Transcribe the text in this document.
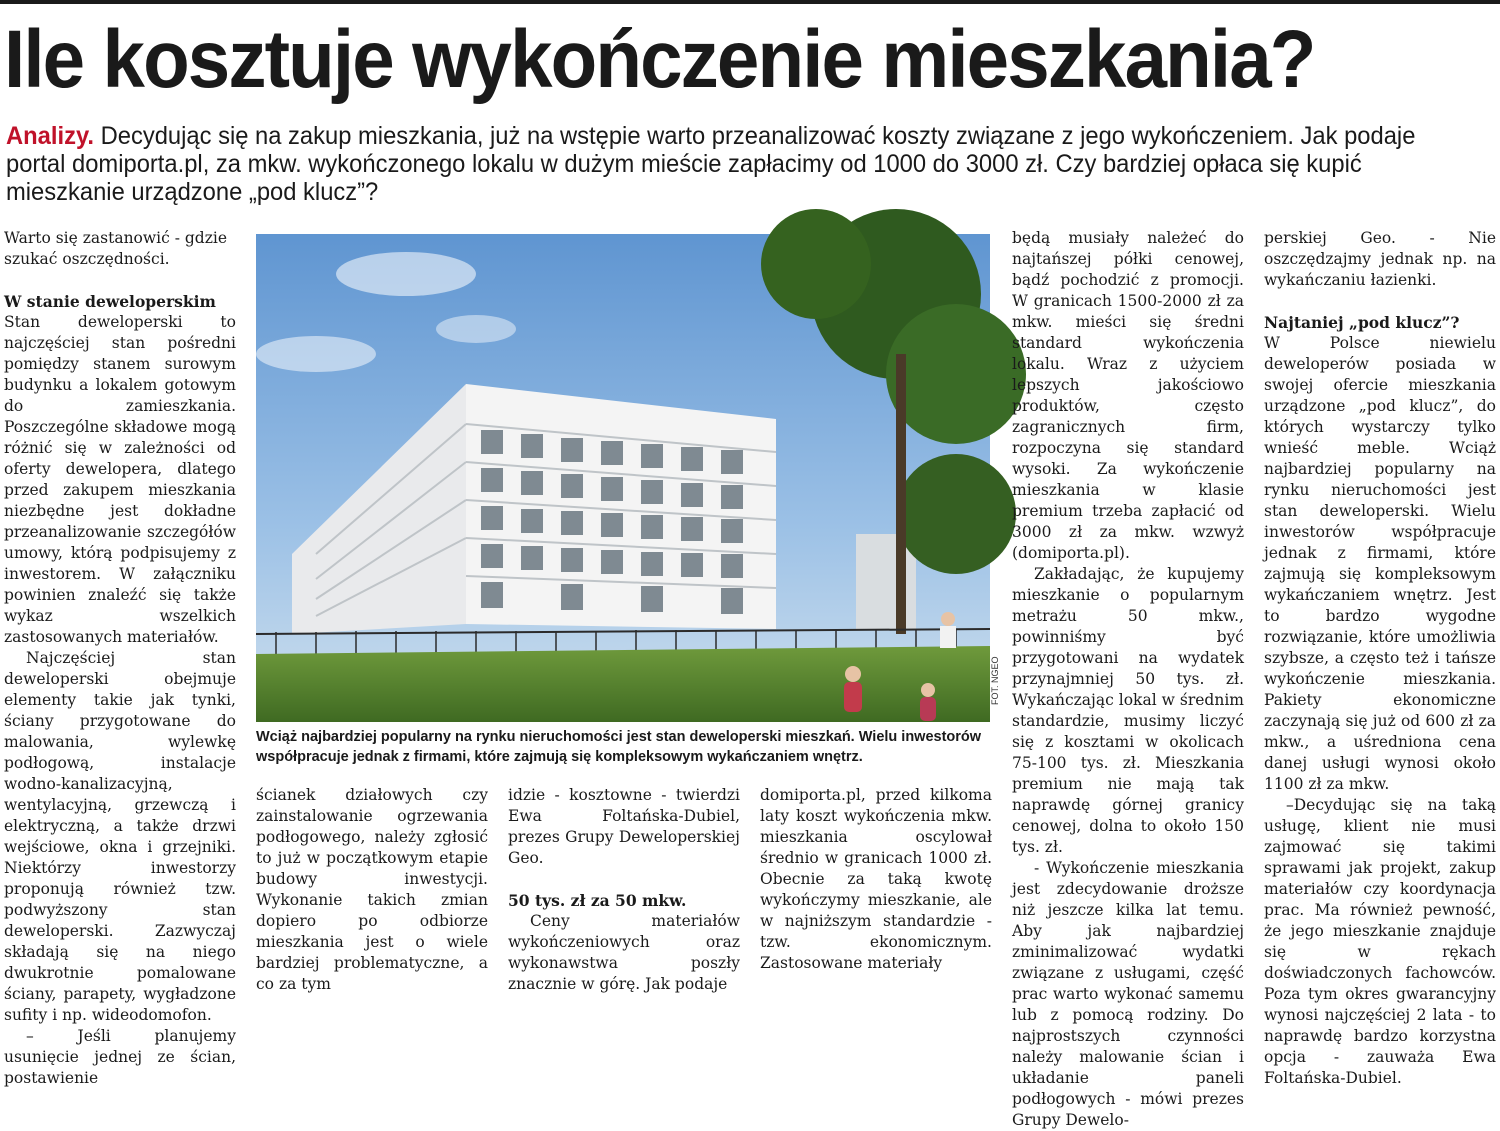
Ile kosztuje wykończenie mieszkania?

Analizy. Decydując się na zakup mieszkania, już na wstępie warto przeanalizować koszty związane z jego wykończeniem. Jak podaje portal domiporta.pl, za mkw. wykończonego lokalu w dużym mieście zapłacimy od 1000 do 3000 zł. Czy bardziej opłaca się kupić mieszkanie urządzone „pod klucz”?

Warto się zastanowić - gdzie szukać oszczędności.

W stanie deweloperskim

Stan deweloperski to najczęściej stan pośredni pomiędzy stanem surowym budynku a lokalem gotowym do zamieszkania. Poszczególne składowe mogą różnić się w zależności od oferty dewelopera, dlatego przed zakupem mieszkania niezbędne jest dokładne przeanalizowanie szczegółów umowy, którą podpisujemy z inwestorem. W załączniku powinien znaleźć się także wykaz wszelkich zastosowanych materiałów.

Najczęściej stan deweloperski obejmuje elementy takie jak tynki, ściany przygotowane do malowania, wylewkę podłogową, instalacje wodno-kanalizacyjną, wentylacyjną, grzewczą i elektryczną, a także drzwi wejściowe, okna i grzejniki. Niektórzy inwestorzy proponują również tzw. podwyższony stan deweloperski. Zazwyczaj składają się na niego dwukrotnie pomalowane ściany, parapety, wygładzone sufity i np. wideodomofon.

– Jeśli planujemy usunięcie jednej ze ścian, postawienie

FOT. NGEO

Wciąż najbardziej popularny na rynku nieruchomości jest stan deweloperski mieszkań. Wielu inwestorów współpracuje jednak z firmami, które zajmują się kompleksowym wykańczaniem wnętrz.

ścianek działowych czy zainstalowanie ogrzewania podłogowego, należy zgłosić to już w początkowym etapie budowy inwestycji. Wykonanie takich zmian dopiero po odbiorze mieszkania jest o wiele bardziej problematyczne, a co za tym

idzie - kosztowne - twierdzi Ewa Foltańska-Dubiel, prezes Grupy Deweloperskiej Geo.

50 tys. zł za 50 mkw.

Ceny materiałów wykończeniowych oraz wykonawstwa poszły znacznie w górę. Jak podaje

domiporta.pl, przed kilkoma laty koszt wykończenia mkw. mieszkania oscylował średnio w granicach 1000 zł. Obecnie za taką kwotę wykończymy mieszkanie, ale w najniższym standardzie - tzw. ekonomicznym. Zastosowane materiały

będą musiały należeć do najtańszej półki cenowej, bądź pochodzić z promocji. W granicach 1500-2000 zł za mkw. mieści się średni standard wykończenia lokalu. Wraz z użyciem lepszych jakościowo produktów, często zagranicznych firm, rozpoczyna się standard wysoki. Za wykończenie mieszkania w klasie premium trzeba zapłacić od 3000 zł za mkw. wzwyż (domiporta.pl).

Zakładając, że kupujemy mieszkanie o popularnym metrażu 50 mkw., powinniśmy być przygotowani na wydatek przynajmniej 50 tys. zł. Wykańczając lokal w średnim standardzie, musimy liczyć się z kosztami w okolicach 75-100 tys. zł. Mieszkania premium nie mają tak naprawdę górnej granicy cenowej, dolna to około 150 tys. zł.

- Wykończenie mieszkania jest zdecydowanie droższe niż jeszcze kilka lat temu. Aby jak najbardziej zminimalizować wydatki związane z usługami, część prac warto wykonać samemu lub z pomocą rodziny. Do najprostszych czynności należy malowanie ścian i układanie paneli podłogowych - mówi prezes Grupy Dewelo-

perskiej Geo. - Nie oszczędzajmy jednak np. na wykańczaniu łazienki.

Najtaniej „pod klucz”?

W Polsce niewielu deweloperów posiada w swojej ofercie mieszkania urządzone „pod klucz”, do których wystarczy tylko wnieść meble. Wciąż najbardziej popularny na rynku nieruchomości jest stan deweloperski. Wielu inwestorów współpracuje jednak z firmami, które zajmują się kompleksowym wykańczaniem wnętrz. Jest to bardzo wygodne rozwiązanie, które umożliwia szybsze, a często też i tańsze wykończenie mieszkania. Pakiety ekonomiczne zaczynają się już od 600 zł za mkw., a uśredniona cena danej usługi wynosi około 1100 zł za mkw.

–Decydując się na taką usługę, klient nie musi zajmować się takimi sprawami jak projekt, zakup materiałów czy koordynacja prac. Ma również pewność, że jego mieszkanie znajduje się w rękach doświadczonych fachowców. Poza tym okres gwarancyjny wynosi najczęściej 2 lata - to naprawdę bardzo korzystna opcja - zauważa Ewa Foltańska-Dubiel.
